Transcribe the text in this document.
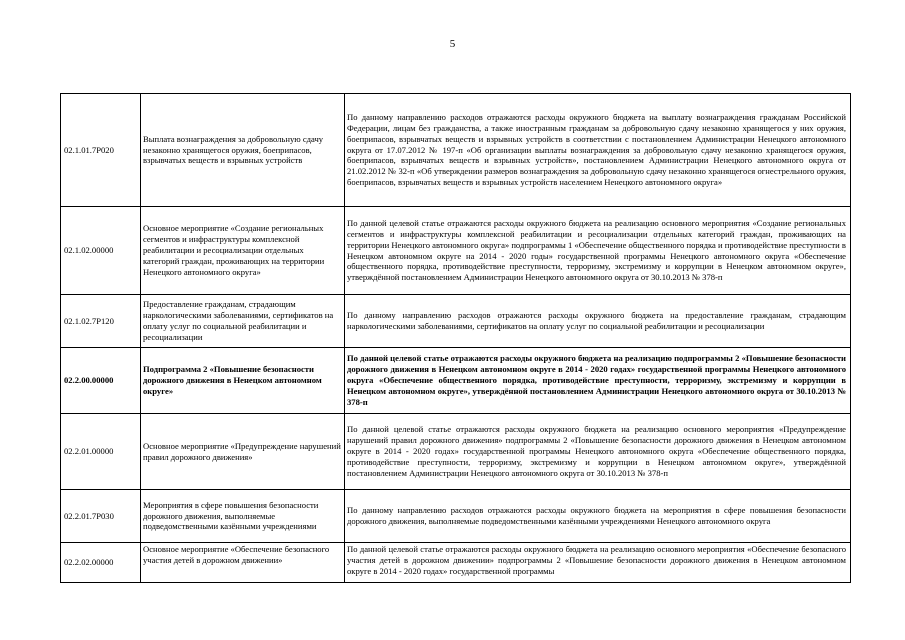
5
02.1.01.7Р020	Выплата вознаграждения за добровольную сдачу незаконно хранящегося оружия, боеприпасов, взрывчатых веществ и взрывных устройств	По данному направлению расходов отражаются расходы окружного бюджета на выплату вознаграждения гражданам Российской Федерации, лицам без гражданства, а также иностранным гражданам за добровольную сдачу незаконно хранящегося у них оружия, боеприпасов, взрывчатых веществ и взрывных устройств в соответствии с постановлением Администрации Ненецкого автономного округа от 17.07.2012 № 197-п «Об организации выплаты вознаграждения за добровольную сдачу незаконно хранящегося оружия, боеприпасов, взрывчатых веществ и взрывных устройств», постановлением Администрации Ненецкого автономного округа от 21.02.2012 № 32-п «Об утверждении размеров вознаграждения за добровольную сдачу незаконно хранящегося огнестрельного оружия, боеприпасов, взрывчатых веществ и взрывных устройств населением Ненецкого автономного округа»
02.1.02.00000	Основное мероприятие «Создание региональных сегментов и инфраструктуры комплексной реабилитации и ресоциализации отдельных категорий граждан, проживающих на территории Ненецкого автономного округа»	По данной целевой статье отражаются расходы окружного бюджета на реализацию основного мероприятия «Создание региональных сегментов и инфраструктуры комплексной реабилитации и ресоциализации отдельных категорий граждан, проживающих на территории Ненецкого автономного округа» подпрограммы 1 «Обеспечение общественного порядка и противодействие преступности в Ненецком автономном округе на 2014 - 2020 годы» государственной программы Ненецкого автономного округа «Обеспечение общественного порядка, противодействие преступности, терроризму, экстремизму и коррупции в Ненецком автономном округе», утверждённой постановлением Администрации Ненецкого автономного округа от 30.10.2013 № 378-п
02.1.02.7Р120	Предоставление гражданам, страдающим наркологическими заболеваниями, сертификатов на оплату услуг по социальной реабилитации и ресоциализации	По данному направлению расходов отражаются расходы окружного бюджета на предоставление гражданам, страдающим наркологическими заболеваниями, сертификатов на оплату услуг по социальной реабилитации и ресоциализации
02.2.00.00000	Подпрограмма 2 «Повышение безопасности дорожного движения в Ненецком автономном округе»	По данной целевой статье отражаются расходы окружного бюджета на реализацию подпрограммы 2 «Повышение безопасности дорожного движения в Ненецком автономном округе в 2014 - 2020 годах» государственной программы Ненецкого автономного округа «Обеспечение общественного порядка, противодействие преступности, терроризму, экстремизму и коррупции в Ненецком автономном округе», утверждённой постановлением Администрации Ненецкого автономного округа от 30.10.2013 № 378-п
02.2.01.00000	Основное мероприятие «Предупреждение нарушений правил дорожного движения»	По данной целевой статье отражаются расходы окружного бюджета на реализацию основного мероприятия «Предупреждение нарушений правил дорожного движения» подпрограммы 2 «Повышение безопасности дорожного движения в Ненецком автономном округе в 2014 - 2020 годах» государственной программы Ненецкого автономного округа «Обеспечение общественного порядка, противодействие преступности, терроризму, экстремизму и коррупции в Ненецком автономном округе», утверждённой постановлением Администрации Ненецкого автономного округа от 30.10.2013 № 378-п
02.2.01.7Р030	Мероприятия в сфере повышения безопасности дорожного движения, выполняемые подведомственными казёнными учреждениями	По данному направлению расходов отражаются расходы окружного бюджета на мероприятия в сфере повышения безопасности дорожного движения, выполняемые подведомственными казёнными учреждениями Ненецкого автономного округа
02.2.02.00000	Основное мероприятие «Обеспечение безопасного участия детей в дорожном движении»	По данной целевой статье отражаются расходы окружного бюджета на реализацию основного мероприятия «Обеспечение безопасного участия детей в дорожном движении» подпрограммы 2 «Повышение безопасности дорожного движения в Ненецком автономном округе в 2014 - 2020 годах» государственной программы
